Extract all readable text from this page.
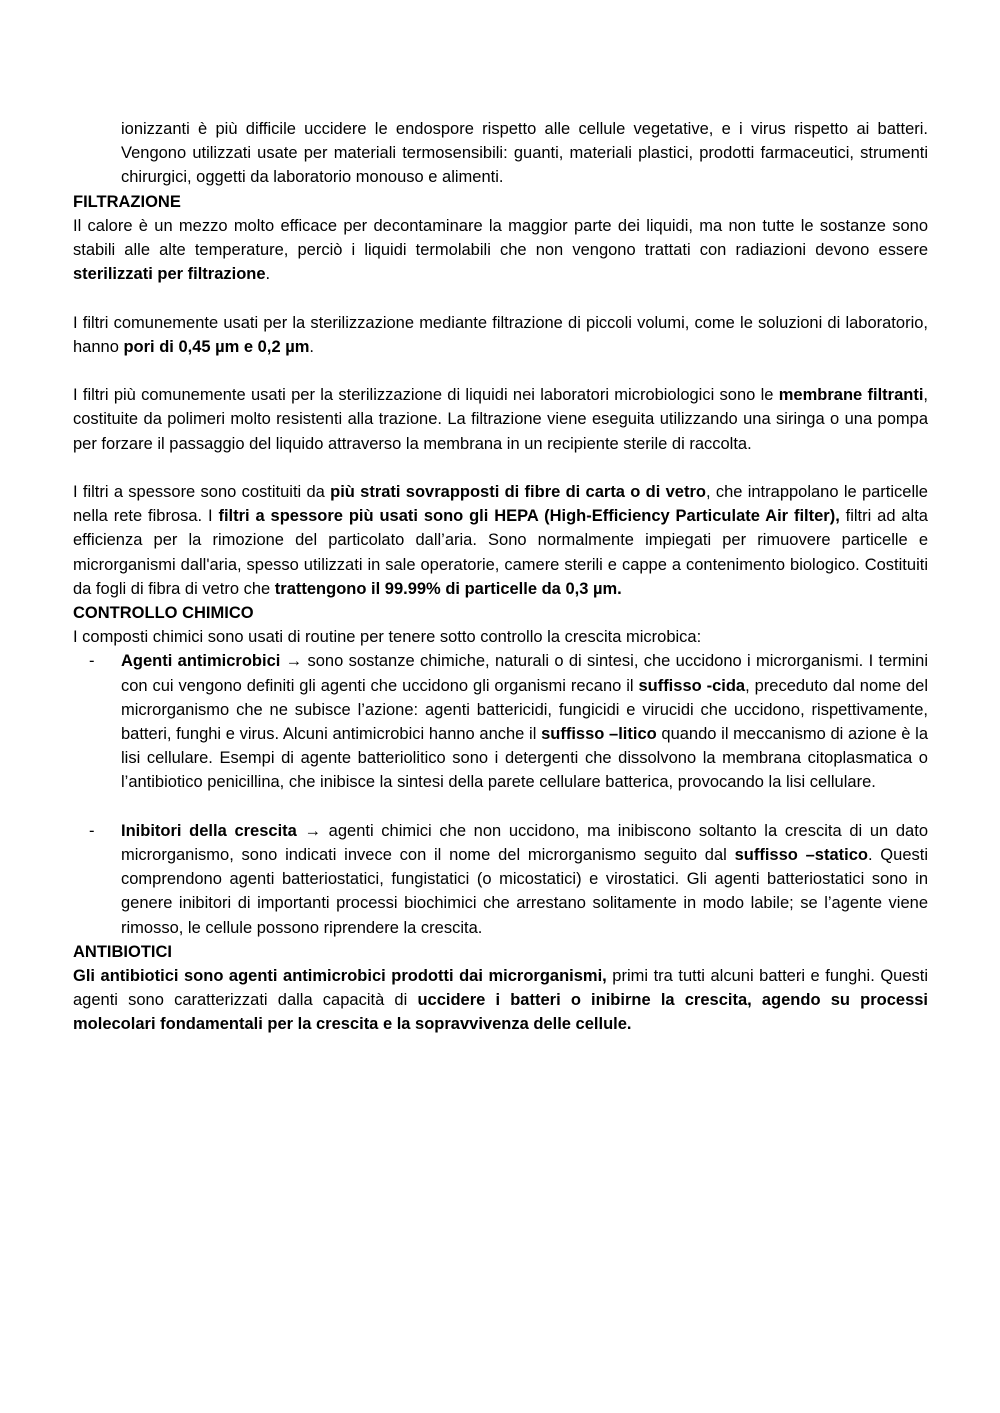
ionizzanti è più difficile uccidere le endospore rispetto alle cellule vegetative, e i virus rispetto ai batteri. Vengono utilizzati usate per materiali termosensibili: guanti, materiali plastici, prodotti farmaceutici, strumenti chirurgici, oggetti da laboratorio monouso e alimenti.

FILTRAZIONE

Il calore è un mezzo molto efficace per decontaminare la maggior parte dei liquidi, ma non tutte le sostanze sono stabili alle alte temperature, perciò i liquidi termolabili che non vengono trattati con radiazioni devono essere sterilizzati per filtrazione.

I filtri comunemente usati per la sterilizzazione mediante filtrazione di piccoli volumi, come le soluzioni di laboratorio, hanno pori di 0,45 µm e 0,2 µm.

I filtri più comunemente usati per la sterilizzazione di liquidi nei laboratori microbiologici sono le membrane filtranti, costituite da polimeri molto resistenti alla trazione. La filtrazione viene eseguita utilizzando una siringa o una pompa per forzare il passaggio del liquido attraverso la membrana in un recipiente sterile di raccolta.

I filtri a spessore sono costituiti da più strati sovrapposti di fibre di carta o di vetro, che intrappolano le particelle nella rete fibrosa. I filtri a spessore più usati sono gli HEPA (High-Efficiency Particulate Air filter), filtri ad alta efficienza per la rimozione del particolato dall’aria. Sono normalmente impiegati per rimuovere particelle e microrganismi dall'aria, spesso utilizzati in sale operatorie, camere sterili e cappe a contenimento biologico. Costituiti da fogli di fibra di vetro che trattengono il 99.99% di particelle da 0,3 µm.

CONTROLLO CHIMICO

I composti chimici sono usati di routine per tenere sotto controllo la crescita microbica:

- Agenti antimicrobici → sono sostanze chimiche, naturali o di sintesi, che uccidono i microrganismi. I termini con cui vengono definiti gli agenti che uccidono gli organismi recano il suffisso -cida, preceduto dal nome del microrganismo che ne subisce l’azione: agenti battericidi, fungicidi e virucidi che uccidono, rispettivamente, batteri, funghi e virus. Alcuni antimicrobici hanno anche il suffisso –litico quando il meccanismo di azione è la lisi cellulare. Esempi di agente batteriolitico sono i detergenti che dissolvono la membrana citoplasmatica o l’antibiotico penicillina, che inibisce la sintesi della parete cellulare batterica, provocando la lisi cellulare.
- Inibitori della crescita → agenti chimici che non uccidono, ma inibiscono soltanto la crescita di un dato microrganismo, sono indicati invece con il nome del microrganismo seguito dal suffisso –statico. Questi comprendono agenti batteriostatici, fungistatici (o micostatici) e virostatici. Gli agenti batteriostatici sono in genere inibitori di importanti processi biochimici che arrestano solitamente in modo labile; se l’agente viene rimosso, le cellule possono riprendere la crescita.

ANTIBIOTICI

Gli antibiotici sono agenti antimicrobici prodotti dai microrganismi, primi tra tutti alcuni batteri e funghi. Questi agenti sono caratterizzati dalla capacità di uccidere i batteri o inibirne la crescita, agendo su processi molecolari fondamentali per la crescita e la sopravvivenza delle cellule.
